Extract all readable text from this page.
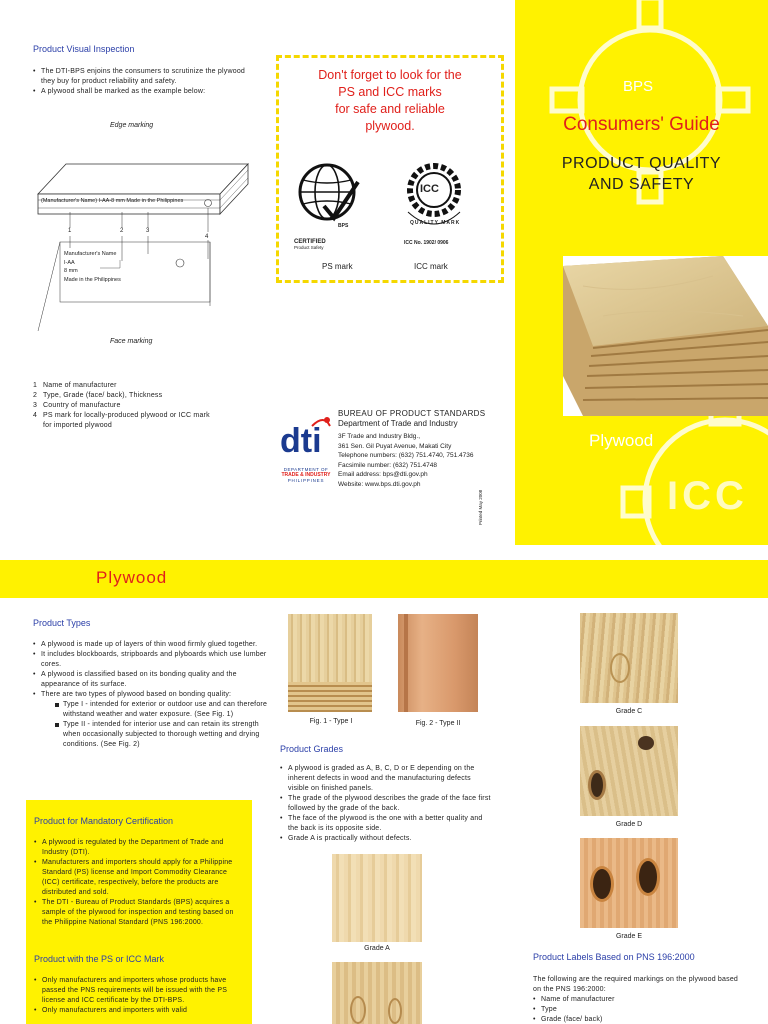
Product Visual Inspection
• The DTI-BPS enjoins the consumers to scrutinize the plywood they buy for product reliability and safety.
• A plywood shall be marked as the example below:
Edge marking
(Manufacturer's Name) I-AA-8 mm Made in the Philippines
1	2	3
4
Manufacturer's Name
I-AA
8 mm
Made in the Philippines
Face marking
1 Name of manufacturer
2 Type, Grade (face/ back), Thickness
3 Country of manufacture
4 PS mark for locally-produced plywood or ICC mark for imported plywood
Don't forget to look for the
PS and ICC marks
for safe and reliable
plywood.
BPS
CERTIFIED
Product Safety
ICC
QUALITY MARK
ICC No. 1902/ 0906
PS mark	ICC mark
dti
DEPARTMENT OF
TRADE & INDUSTRY
PHILIPPINES
BUREAU OF PRODUCT STANDARDS
Department of Trade and Industry
3F Trade and Industry Bldg.,
361 Sen. Gil Puyat Avenue, Makati City
Telephone numbers: (632) 751.4740, 751.4736
Facsimile number: (632) 751.4748
Email address: bps@dti.gov.ph
Website: www.bps.dti.gov.ph
Printed May 2008
BPS
Consumers' Guide
PRODUCT QUALITY
AND SAFETY
Plywood
ICC
Plywood
Product Types
• A plywood is made up of layers of thin wood firmly glued together.
• It includes blockboards, stripboards and plyboards which use lumber cores.
• A plywood is classified based on its bonding quality and the appearance of its surface.
• There are two types of plywood based on bonding quality:
Type I - intended for exterior or outdoor use and can therefore withstand weather and water exposure. (See Fig. 1)
Type II - intended for interior use and can retain its strength when occasionally subjected to thorough wetting and drying conditions. (See Fig. 2)
Product for Mandatory Certification
• A plywood is regulated by the Department of Trade and Industry (DTI).
• Manufacturers and importers should apply for a Philippine Standard (PS) license and Import Commodity Clearance (ICC) certificate, respectively, before the products are distributed and sold.
• The DTI - Bureau of Product Standards (BPS) acquires a sample of the plywood for inspection and testing based on the Philippine National Standard (PNS 196:2000.
Product with the PS or ICC Mark
• Only manufacturers and importers whose products have passed the PNS requirements will be issued with the PS license and ICC certificate by the DTI-BPS.
• Only manufacturers and importers with valid
Fig. 1 - Type I	Fig. 2 - Type II
Product Grades
• A plywood is graded as A, B, C, D or E depending on the inherent defects in wood and the manufacturing defects visible on finished panels.
• The grade of the plywood describes the grade of the face first followed by the grade of the back.
• The face of the plywood is the one with a better quality and the back is its opposite side.
• Grade A is practically without defects.
Grade A
Grade C
Grade D
Grade E
Product Labels Based on PNS 196:2000
The following are the required markings on the plywood based on the PNS 196:2000:
• Name of manufacturer
• Type
• Grade (face/ back)
